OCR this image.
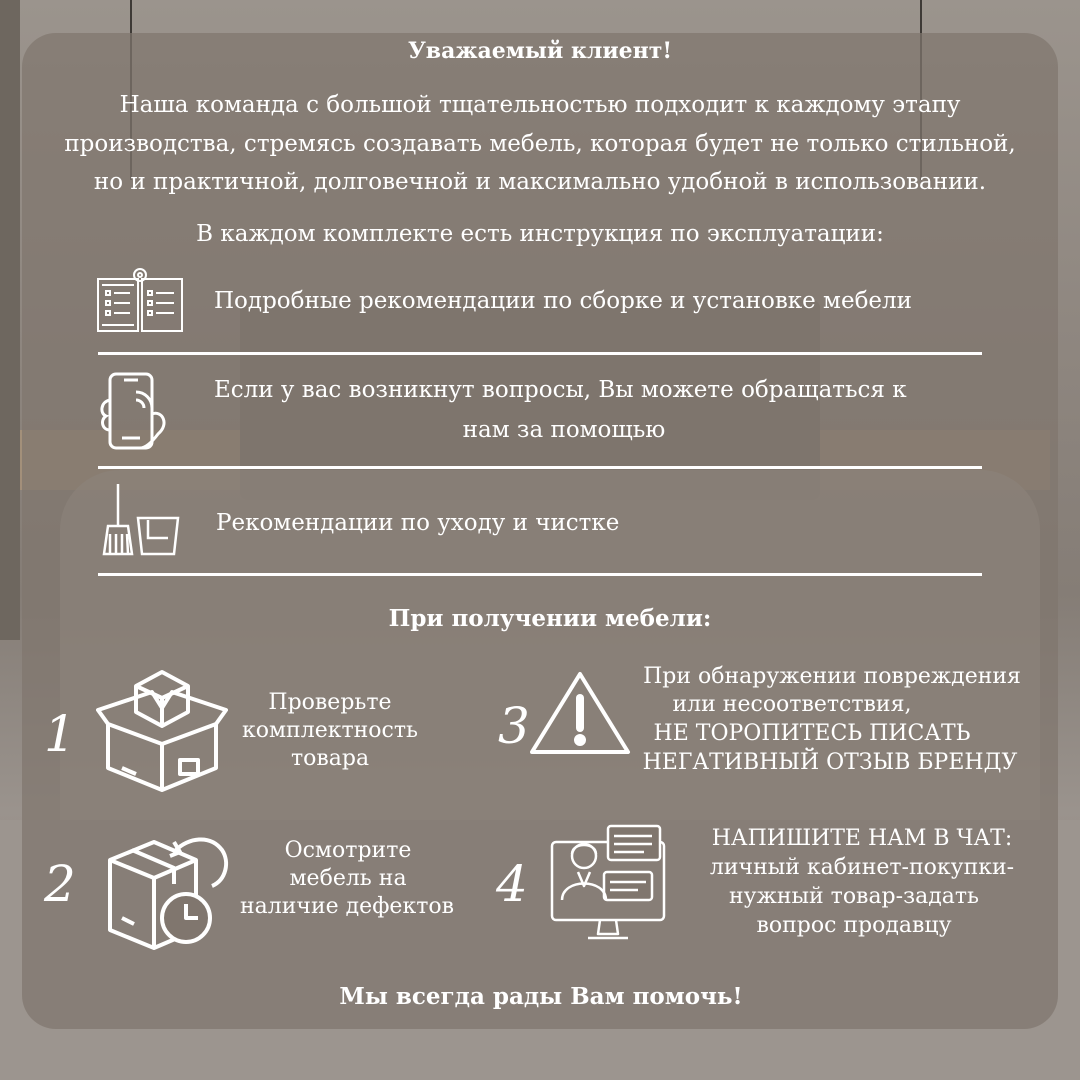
Уважаемый клиент!
Наша команда с большой тщательностью подходит к каждому этапу
производства, стремясь создавать мебель, которая будет не только стильной,
но и практичной, долговечной и максимально удобной в использовании.
В каждом комплекте есть инструкция по эксплуатации:
Подробные рекомендации по сборке и установке мебели
Если у вас возникнут вопросы, Вы можете обращаться к
нам за помощью
Рекомендации по уходу и чистке
При получении мебели:
1
Проверьте
комплектность
товара
2
Осмотрите
мебель на
наличие дефектов
3
При обнаружении повреждения
или несоответствия,
НЕ ТОРОПИТЕСЬ ПИСАТЬ
НЕГАТИВНЫЙ ОТЗЫВ БРЕНДУ
4
НАПИШИТЕ НАМ В ЧАТ:
личный кабинет-покупки-
нужный товар-задать
вопрос продавцу
Мы всегда рады Вам помочь!
